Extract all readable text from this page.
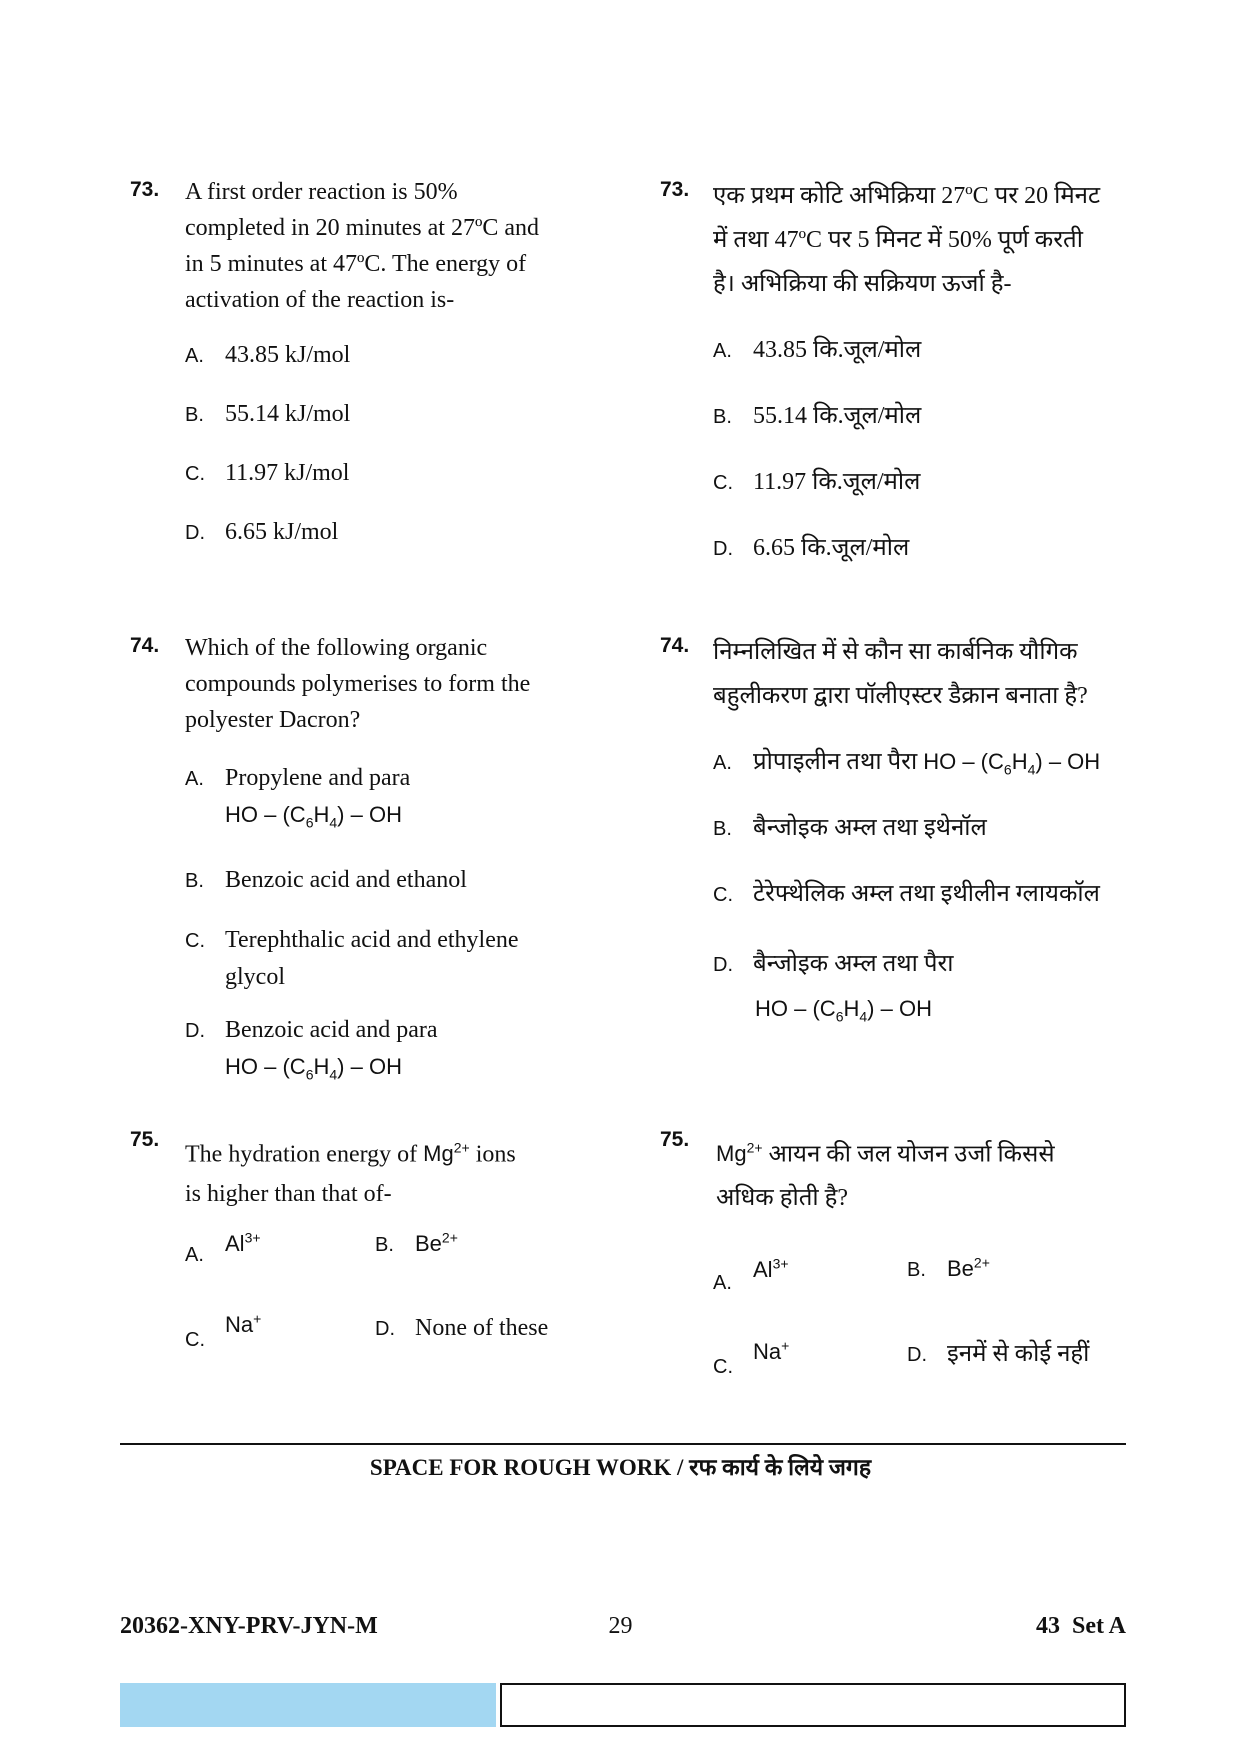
73. A first order reaction is 50%
completed in 20 minutes at 27ºC and
in 5 minutes at 47ºC. The energy of
activation of the reaction is-
A. 43.85 kJ/mol
B. 55.14 kJ/mol
C. 11.97 kJ/mol
D. 6.65 kJ/mol
73. एक प्रथम कोटि अभिक्रिया 27ºC पर 20 मिनट
में तथा 47ºC पर 5 मिनट में 50% पूर्ण करती
है। अभिक्रिया की सक्रियण ऊर्जा है-
A. 43.85 कि.जूल/मोल
B. 55.14 कि.जूल/मोल
C. 11.97 कि.जूल/मोल
D. 6.65 कि.जूल/मोल
74. Which of the following organic
compounds polymerises to form the
polyester Dacron?
A. Propylene and para
HO – $(C_6H_4)$ – OH
B. Benzoic acid and ethanol
C. Terephthalic acid and ethylene
glycol
D. Benzoic acid and para
HO – $(C_6H_4)$ – OH
74. निम्नलिखित में से कौन सा कार्बनिक यौगिक
बहुलीकरण द्वारा पॉलीएस्टर डैक्रान बनाता है?
A. प्रोपाइलीन तथा पैरा HO – $(C_6H_4)$ – OH
B. बैन्जोइक अम्ल तथा इथेनॉल
C. टेरेफ्थेलिक अम्ल तथा इथीलीन ग्लायकॉल
D. बैन्जोइक अम्ल तथा पैरा
HO – $(C_6H_4)$ – OH
75.
The hydration energy of $Mg^{2+}$ ions
is higher than that of-
A. $Al^{3+}$	B. $Be^{2+}$
C.Na+	D. None of these
75.
$Mg^{2+}$ आयन की जल योजन उर्जा किससे
अधिक होती है?
$A.Al^{3+}$	B. $Be^{2+}$
C.Na+	D. इनमें से कोई नहीं
SPACE FOR ROUGH WORK / रफ कार्य के लिये जगह
20362-XNY-PRV-JYN-M	29	43  Set A
